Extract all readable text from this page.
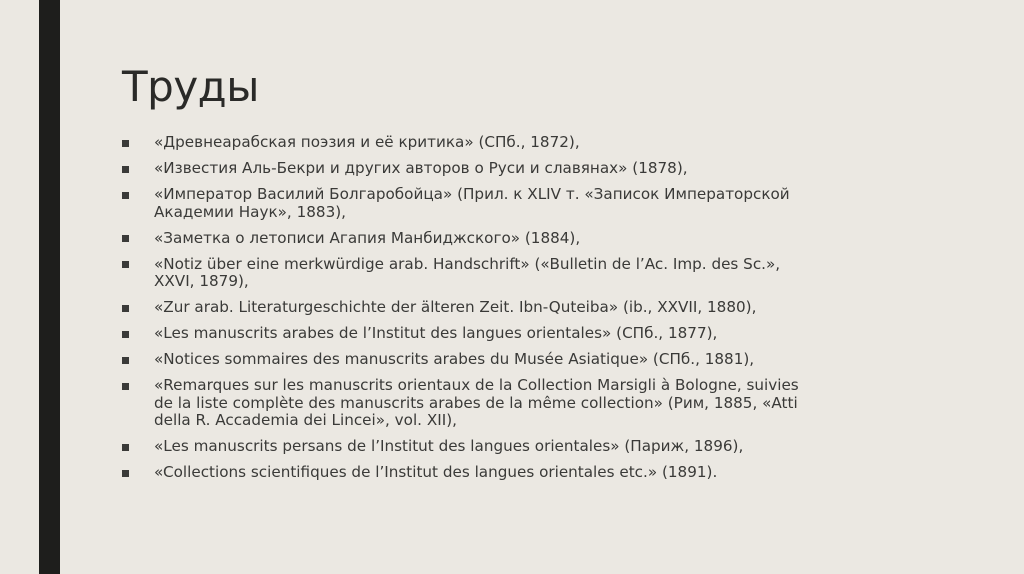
Труды
«Древнеарабская поэзия и её критика» (СПб., 1872),
«Известия Аль-Бекри и других авторов о Руси и славянах» (1878),
«Император Василий Болгаробойца» (Прил. к XLIV т. «Записок Императорской Академии Наук», 1883),
«Заметка о летописи Агапия Манбиджского» (1884),
«Notiz über eine merkwürdige arab. Handschrift» («Bulletin de l’Ac. Imp. des Sc.», XXVI, 1879),
«Zur arab. Literaturgeschichte der älteren Zeit. Ibn-Quteiba» (ib., XXVII, 1880),
«Les manuscrits arabes de l’Institut des langues orientales» (СПб., 1877),
«Notices sommaires des manuscrits arabes du Musée Asiatique» (СПб., 1881),
«Remarques sur les manuscrits orientaux de la Collection Marsigli à Bologne, suivies de la liste complète des manuscrits arabes de la même collection» (Рим, 1885, «Atti della R. Accademia dei Lincei», vol. XII),
«Les manuscrits persans de l’Institut des langues orientales» (Париж, 1896),
«Collections scientifiques de l’Institut des langues orientales etc.» (1891).
